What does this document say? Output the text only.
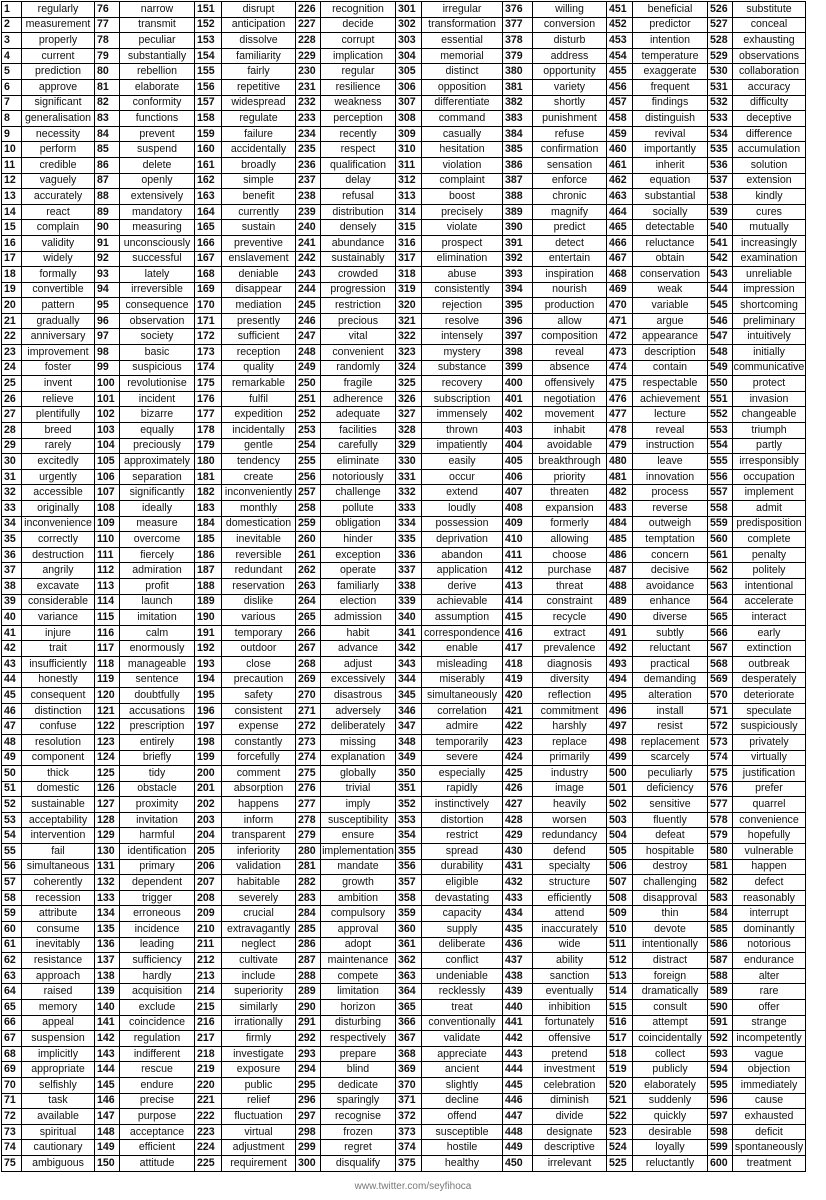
1	regularly	76	narrow	151	disrupt	226	recognition	301	irregular	376	willing	451	beneficial	526	substitute
2	measurement	77	transmit	152	anticipation	227	decide	302	transformation	377	conversion	452	predictor	527	conceal
3	properly	78	peculiar	153	dissolve	228	corrupt	303	essential	378	disturb	453	intention	528	exhausting
4	current	79	substantially	154	familiarity	229	implication	304	memorial	379	address	454	temperature	529	observations
5	prediction	80	rebellion	155	fairly	230	regular	305	distinct	380	opportunity	455	exaggerate	530	collaboration
6	approve	81	elaborate	156	repetitive	231	resilience	306	opposition	381	variety	456	frequent	531	accuracy
7	significant	82	conformity	157	widespread	232	weakness	307	differentiate	382	shortly	457	findings	532	difficulty
8	generalisation	83	functions	158	regulate	233	perception	308	command	383	punishment	458	distinguish	533	deceptive
9	necessity	84	prevent	159	failure	234	recently	309	casually	384	refuse	459	revival	534	difference
10	perform	85	suspend	160	accidentally	235	respect	310	hesitation	385	confirmation	460	importantly	535	accumulation
11	credible	86	delete	161	broadly	236	qualification	311	violation	386	sensation	461	inherit	536	solution
12	vaguely	87	openly	162	simple	237	delay	312	complaint	387	enforce	462	equation	537	extension
13	accurately	88	extensively	163	benefit	238	refusal	313	boost	388	chronic	463	substantial	538	kindly
14	react	89	mandatory	164	currently	239	distribution	314	precisely	389	magnify	464	socially	539	cures
15	complain	90	measuring	165	sustain	240	densely	315	violate	390	predict	465	detectable	540	mutually
16	validity	91	unconsciously	166	preventive	241	abundance	316	prospect	391	detect	466	reluctance	541	increasingly
17	widely	92	successful	167	enslavement	242	sustainably	317	elimination	392	entertain	467	obtain	542	examination
18	formally	93	lately	168	deniable	243	crowded	318	abuse	393	inspiration	468	conservation	543	unreliable
19	convertible	94	irreversible	169	disappear	244	progression	319	consistently	394	nourish	469	weak	544	impression
20	pattern	95	consequence	170	mediation	245	restriction	320	rejection	395	production	470	variable	545	shortcoming
21	gradually	96	observation	171	presently	246	precious	321	resolve	396	allow	471	argue	546	preliminary
22	anniversary	97	society	172	sufficient	247	vital	322	intensely	397	composition	472	appearance	547	intuitively
23	improvement	98	basic	173	reception	248	convenient	323	mystery	398	reveal	473	description	548	initially
24	foster	99	suspicious	174	quality	249	randomly	324	substance	399	absence	474	contain	549	communicative
25	invent	100	revolutionise	175	remarkable	250	fragile	325	recovery	400	offensively	475	respectable	550	protect
26	relieve	101	incident	176	fulfil	251	adherence	326	subscription	401	negotiation	476	achievement	551	invasion
27	plentifully	102	bizarre	177	expedition	252	adequate	327	immensely	402	movement	477	lecture	552	changeable
28	breed	103	equally	178	incidentally	253	facilities	328	thrown	403	inhabit	478	reveal	553	triumph
29	rarely	104	preciously	179	gentle	254	carefully	329	impatiently	404	avoidable	479	instruction	554	partly
30	excitedly	105	approximately	180	tendency	255	eliminate	330	easily	405	breakthrough	480	leave	555	irresponsibly
31	urgently	106	separation	181	create	256	notoriously	331	occur	406	priority	481	innovation	556	occupation
32	accessible	107	significantly	182	inconveniently	257	challenge	332	extend	407	threaten	482	process	557	implement
33	originally	108	ideally	183	monthly	258	pollute	333	loudly	408	expansion	483	reverse	558	admit
34	inconvenience	109	measure	184	domestication	259	obligation	334	possession	409	formerly	484	outweigh	559	predisposition
35	correctly	110	overcome	185	inevitable	260	hinder	335	deprivation	410	allowing	485	temptation	560	complete
36	destruction	111	fiercely	186	reversible	261	exception	336	abandon	411	choose	486	concern	561	penalty
37	angrily	112	admiration	187	redundant	262	operate	337	application	412	purchase	487	decisive	562	politely
38	excavate	113	profit	188	reservation	263	familiarly	338	derive	413	threat	488	avoidance	563	intentional
39	considerable	114	launch	189	dislike	264	election	339	achievable	414	constraint	489	enhance	564	accelerate
40	variance	115	imitation	190	various	265	admission	340	assumption	415	recycle	490	diverse	565	interact
41	injure	116	calm	191	temporary	266	habit	341	correspondence	416	extract	491	subtly	566	early
42	trait	117	enormously	192	outdoor	267	advance	342	enable	417	prevalence	492	reluctant	567	extinction
43	insufficiently	118	manageable	193	close	268	adjust	343	misleading	418	diagnosis	493	practical	568	outbreak
44	honestly	119	sentence	194	precaution	269	excessively	344	miserably	419	diversity	494	demanding	569	desperately
45	consequent	120	doubtfully	195	safety	270	disastrous	345	simultaneously	420	reflection	495	alteration	570	deteriorate
46	distinction	121	accusations	196	consistent	271	adversely	346	correlation	421	commitment	496	install	571	speculate
47	confuse	122	prescription	197	expense	272	deliberately	347	admire	422	harshly	497	resist	572	suspiciously
48	resolution	123	entirely	198	constantly	273	missing	348	temporarily	423	replace	498	replacement	573	privately
49	component	124	briefly	199	forcefully	274	explanation	349	severe	424	primarily	499	scarcely	574	virtually
50	thick	125	tidy	200	comment	275	globally	350	especially	425	industry	500	peculiarly	575	justification
51	domestic	126	obstacle	201	absorption	276	trivial	351	rapidly	426	image	501	deficiency	576	prefer
52	sustainable	127	proximity	202	happens	277	imply	352	instinctively	427	heavily	502	sensitive	577	quarrel
53	acceptability	128	invitation	203	inform	278	susceptibility	353	distortion	428	worsen	503	fluently	578	convenience
54	intervention	129	harmful	204	transparent	279	ensure	354	restrict	429	redundancy	504	defeat	579	hopefully
55	fail	130	identification	205	inferiority	280	implementation	355	spread	430	defend	505	hospitable	580	vulnerable
56	simultaneous	131	primary	206	validation	281	mandate	356	durability	431	specialty	506	destroy	581	happen
57	coherently	132	dependent	207	habitable	282	growth	357	eligible	432	structure	507	challenging	582	defect
58	recession	133	trigger	208	severely	283	ambition	358	devastating	433	efficiently	508	disapproval	583	reasonably
59	attribute	134	erroneous	209	crucial	284	compulsory	359	capacity	434	attend	509	thin	584	interrupt
60	consume	135	incidence	210	extravagantly	285	approval	360	supply	435	inaccurately	510	devote	585	dominantly
61	inevitably	136	leading	211	neglect	286	adopt	361	deliberate	436	wide	511	intentionally	586	notorious
62	resistance	137	sufficiency	212	cultivate	287	maintenance	362	conflict	437	ability	512	distract	587	endurance
63	approach	138	hardly	213	include	288	compete	363	undeniable	438	sanction	513	foreign	588	alter
64	raised	139	acquisition	214	superiority	289	limitation	364	recklessly	439	eventually	514	dramatically	589	rare
65	memory	140	exclude	215	similarly	290	horizon	365	treat	440	inhibition	515	consult	590	offer
66	appeal	141	coincidence	216	irrationally	291	disturbing	366	conventionally	441	fortunately	516	attempt	591	strange
67	suspension	142	regulation	217	firmly	292	respectively	367	validate	442	offensive	517	coincidentally	592	incompetently
68	implicitly	143	indifferent	218	investigate	293	prepare	368	appreciate	443	pretend	518	collect	593	vague
69	appropriate	144	rescue	219	exposure	294	blind	369	ancient	444	investment	519	publicly	594	objection
70	selfishly	145	endure	220	public	295	dedicate	370	slightly	445	celebration	520	elaborately	595	immediately
71	task	146	precise	221	relief	296	sparingly	371	decline	446	diminish	521	suddenly	596	cause
72	available	147	purpose	222	fluctuation	297	recognise	372	offend	447	divide	522	quickly	597	exhausted
73	spiritual	148	acceptance	223	virtual	298	frozen	373	susceptible	448	designate	523	desirable	598	deficit
74	cautionary	149	efficient	224	adjustment	299	regret	374	hostile	449	descriptive	524	loyally	599	spontaneously
75	ambiguous	150	attitude	225	requirement	300	disqualify	375	healthy	450	irrelevant	525	reluctantly	600	treatment
www.twitter.com/seyfihoca
